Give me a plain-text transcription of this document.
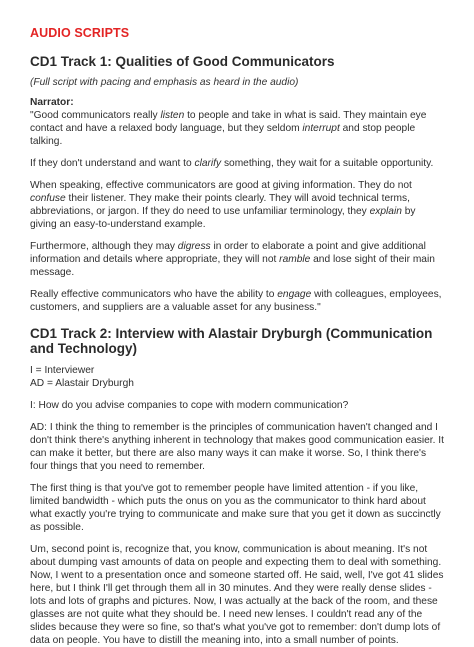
AUDIO SCRIPTS
CD1 Track 1: Qualities of Good Communicators
(Full script with pacing and emphasis as heard in the audio)

Narrator:

"Good communicators really listen to people and take in what is said. They maintain eye contact and have a relaxed body language, but they seldom interrupt and stop people talking.

If they don't understand and want to clarify something, they wait for a suitable opportunity.

When speaking, effective communicators are good at giving information. They do not confuse their listener. They make their points clearly. They will avoid technical terms, abbreviations, or jargon. If they do need to use unfamiliar terminology, they explain by giving an easy-to-understand example.

Furthermore, although they may digress in order to elaborate a point and give additional information and details where appropriate, they will not ramble and lose sight of their main message.

Really effective communicators who have the ability to engage with colleagues, employees, customers, and suppliers are a valuable asset for any business."

CD1 Track 2: Interview with Alastair Dryburgh (Communication and Technology)

I = Interviewer

AD = Alastair Dryburgh

I: How do you advise companies to cope with modern communication?

AD: I think the thing to remember is the principles of communication haven't changed and I don't think there's anything inherent in technology that makes good communication easier. It can make it better, but there are also many ways it can make it worse. So, I think there's four things that you need to remember.

The first thing is that you've got to remember people have limited attention - if you like, limited bandwidth - which puts the onus on you as the communicator to think hard about what exactly you're trying to communicate and make sure that you get it down as succinctly as possible.

Um, second point is, recognize that, you know, communication is about meaning. It's not about dumping vast amounts of data on people and expecting them to deal with something. Now, I went to a presentation once and someone started off. He said, well, I've got 41 slides here, but I think I'll get through them all in 30 minutes. And they were really dense slides - lots and lots of graphs and pictures. Now, I was actually at the back of the room, and these glasses are not quite what they should be. I need new lenses. I couldn't read any of the slides because they were so fine, so that's what you've got to remember: don't dump lots of data on people. You have to distill the meaning into, into a small number of points.
